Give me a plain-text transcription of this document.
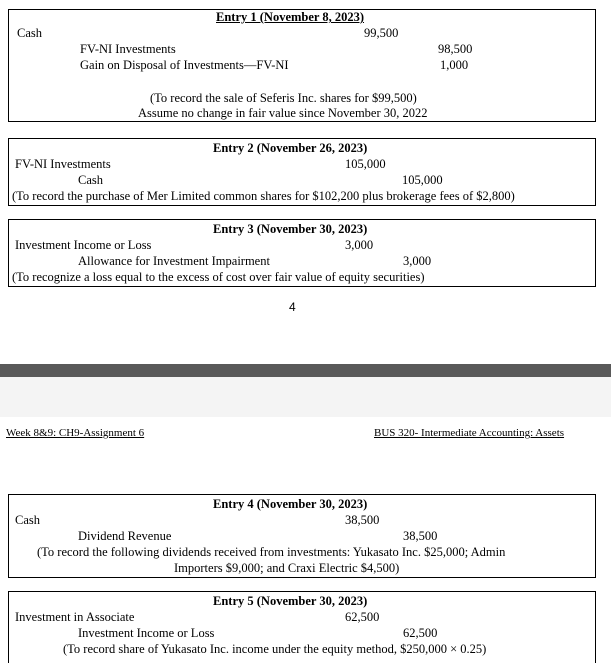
Entry 1 (November 8, 2023)
Cash	99,500
FV-NI Investments	98,500
Gain on Disposal of Investments—FV-NI	1,000
(To record the sale of Seferis Inc. shares for $99,500)
Assume no change in fair value since November 30, 2022
Entry 2 (November 26, 2023)
FV-NI Investments	105,000
Cash	105,000
(To record the purchase of Mer Limited common shares for $102,200 plus brokerage fees of $2,800)
Entry 3 (November 30, 2023)
Investment Income or Loss	3,000
Allowance for Investment Impairment	3,000
(To recognize a loss equal to the excess of cost over fair value of equity securities)
4
Week 8&9: CH9-Assignment 6	BUS 320- Intermediate Accounting: Assets
Entry 4 (November 30, 2023)
Cash	38,500
Dividend Revenue	38,500
(To record the following dividends received from investments: Yukasato Inc. $25,000; Admin
Importers $9,000; and Craxi Electric $4,500)
Entry 5 (November 30, 2023)
Investment in Associate	62,500
Investment Income or Loss	62,500
(To record share of Yukasato Inc. income under the equity method, $250,000 × 0.25)
